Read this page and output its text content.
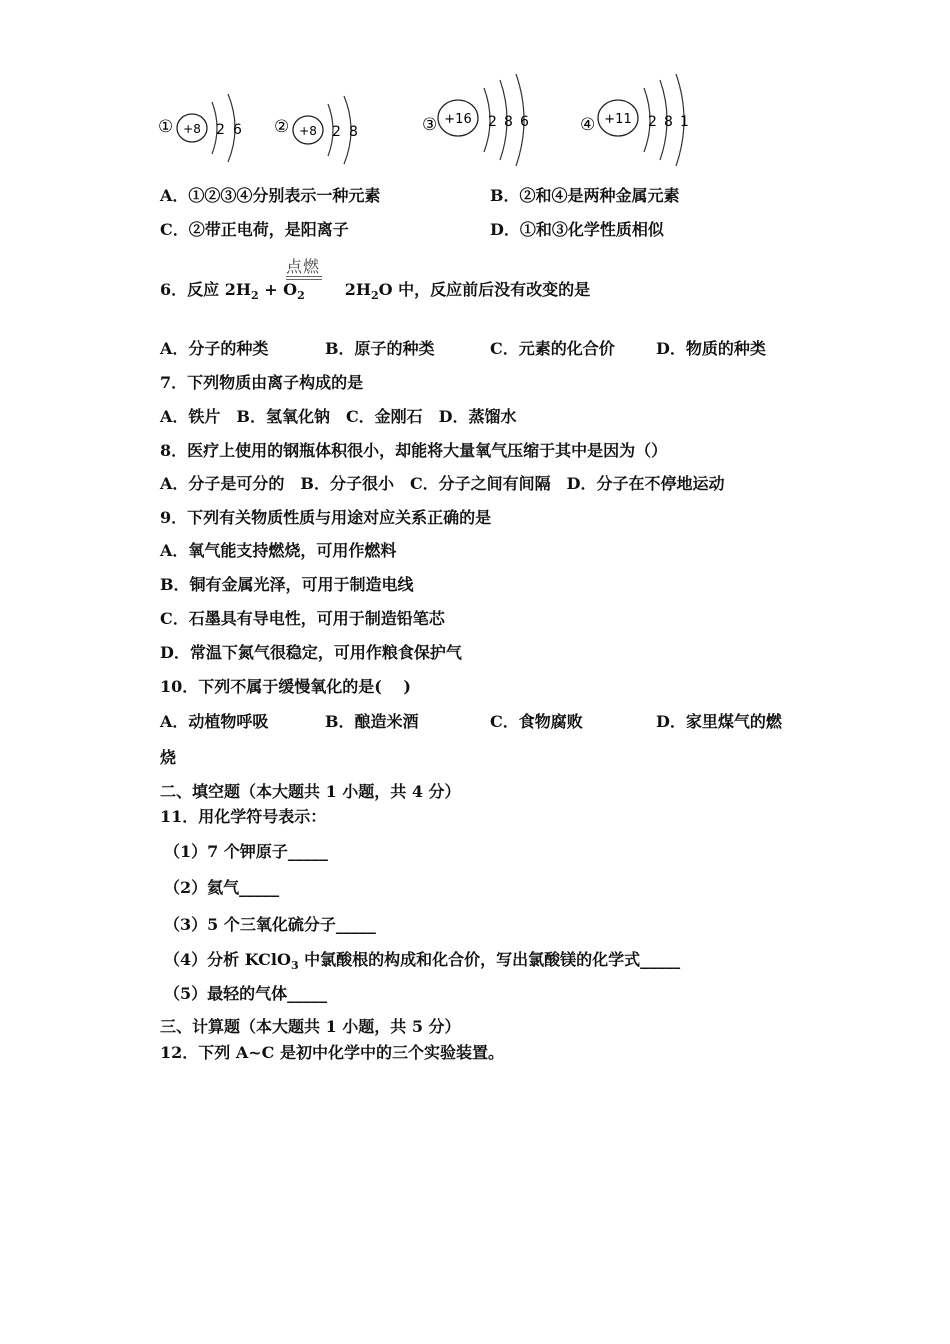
① +8 2 6 ② +8 2 8	③ +16 2 8 6	④ +11 2 8 1
A．①②③④分别表示一种元素	B．②和④是两种金属元素
C．②带正电荷，是阳离子	D．①和③化学性质相似
点燃
6．反应 $2H_2 + O_2$	$2H_2O$ 中，反应前后没有改变的是
A．分子的种类	B．原子的种类	C．元素的化合价	D．物质的种类
7．下列物质由离子构成的是
A．铁片　B．氢氧化钠　C．金刚石　D．蒸馏水
8．医疗上使用的钢瓶体积很小，却能将大量氧气压缩于其中是因为（）
A．分子是可分的　B．分子很小　C．分子之间有间隔　D．分子在不停地运动
9．下列有关物质性质与用途对应关系正确的是
A．氧气能支持燃烧，可用作燃料
B．铜有金属光泽，可用于制造电线
C．石墨具有导电性，可用于制造铅笔芯
D．常温下氮气很稳定，可用作粮食保护气
10．下列不属于缓慢氧化的是(　 )
A．动植物呼吸	B．酿造米酒	C．食物腐败	D．家里煤气的燃
烧
二、填空题（本大题共 1 小题，共 4 分）
11．用化学符号表示：
（1）7 个钾原子_____
（2）氦气_____
（3）5 个三氧化硫分子_____
（4）分析 KClO$_3$ 中氯酸根的构成和化合价，写出氯酸镁的化学式_____
（5）最轻的气体_____
三、计算题（本大题共 1 小题，共 5 分）
12．下列 A~C 是初中化学中的三个实验装置。
